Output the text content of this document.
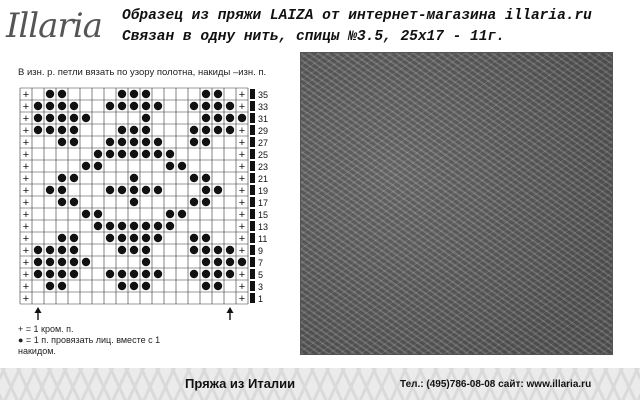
Illaria Образец из пряжи LAIZA от интернет-магазина illaria.ru
Связан в одну нить, спицы №3.5, 25х17 - 11г.
В изн. р. петли вязать по узору полотна, накиды –изн. п.
+	+ 35
+	+ 33
+	31
+	+ 29
+	+ 27
+	+ 25
+	+ 23
+	+ 21
+	+ 19
+	+ 17
+	+ 15
+	+ 13
+	+ 11
+	+ 9
+	7
+	+ 5
+	+ 3
+	+ 1
+ = 1 кром. п.
● = 1 п. провязать лиц. вместе с 1
накидом.
Пряжа из Италии	Тел.: (495)786-08-08 сайт: www.illaria.ru
